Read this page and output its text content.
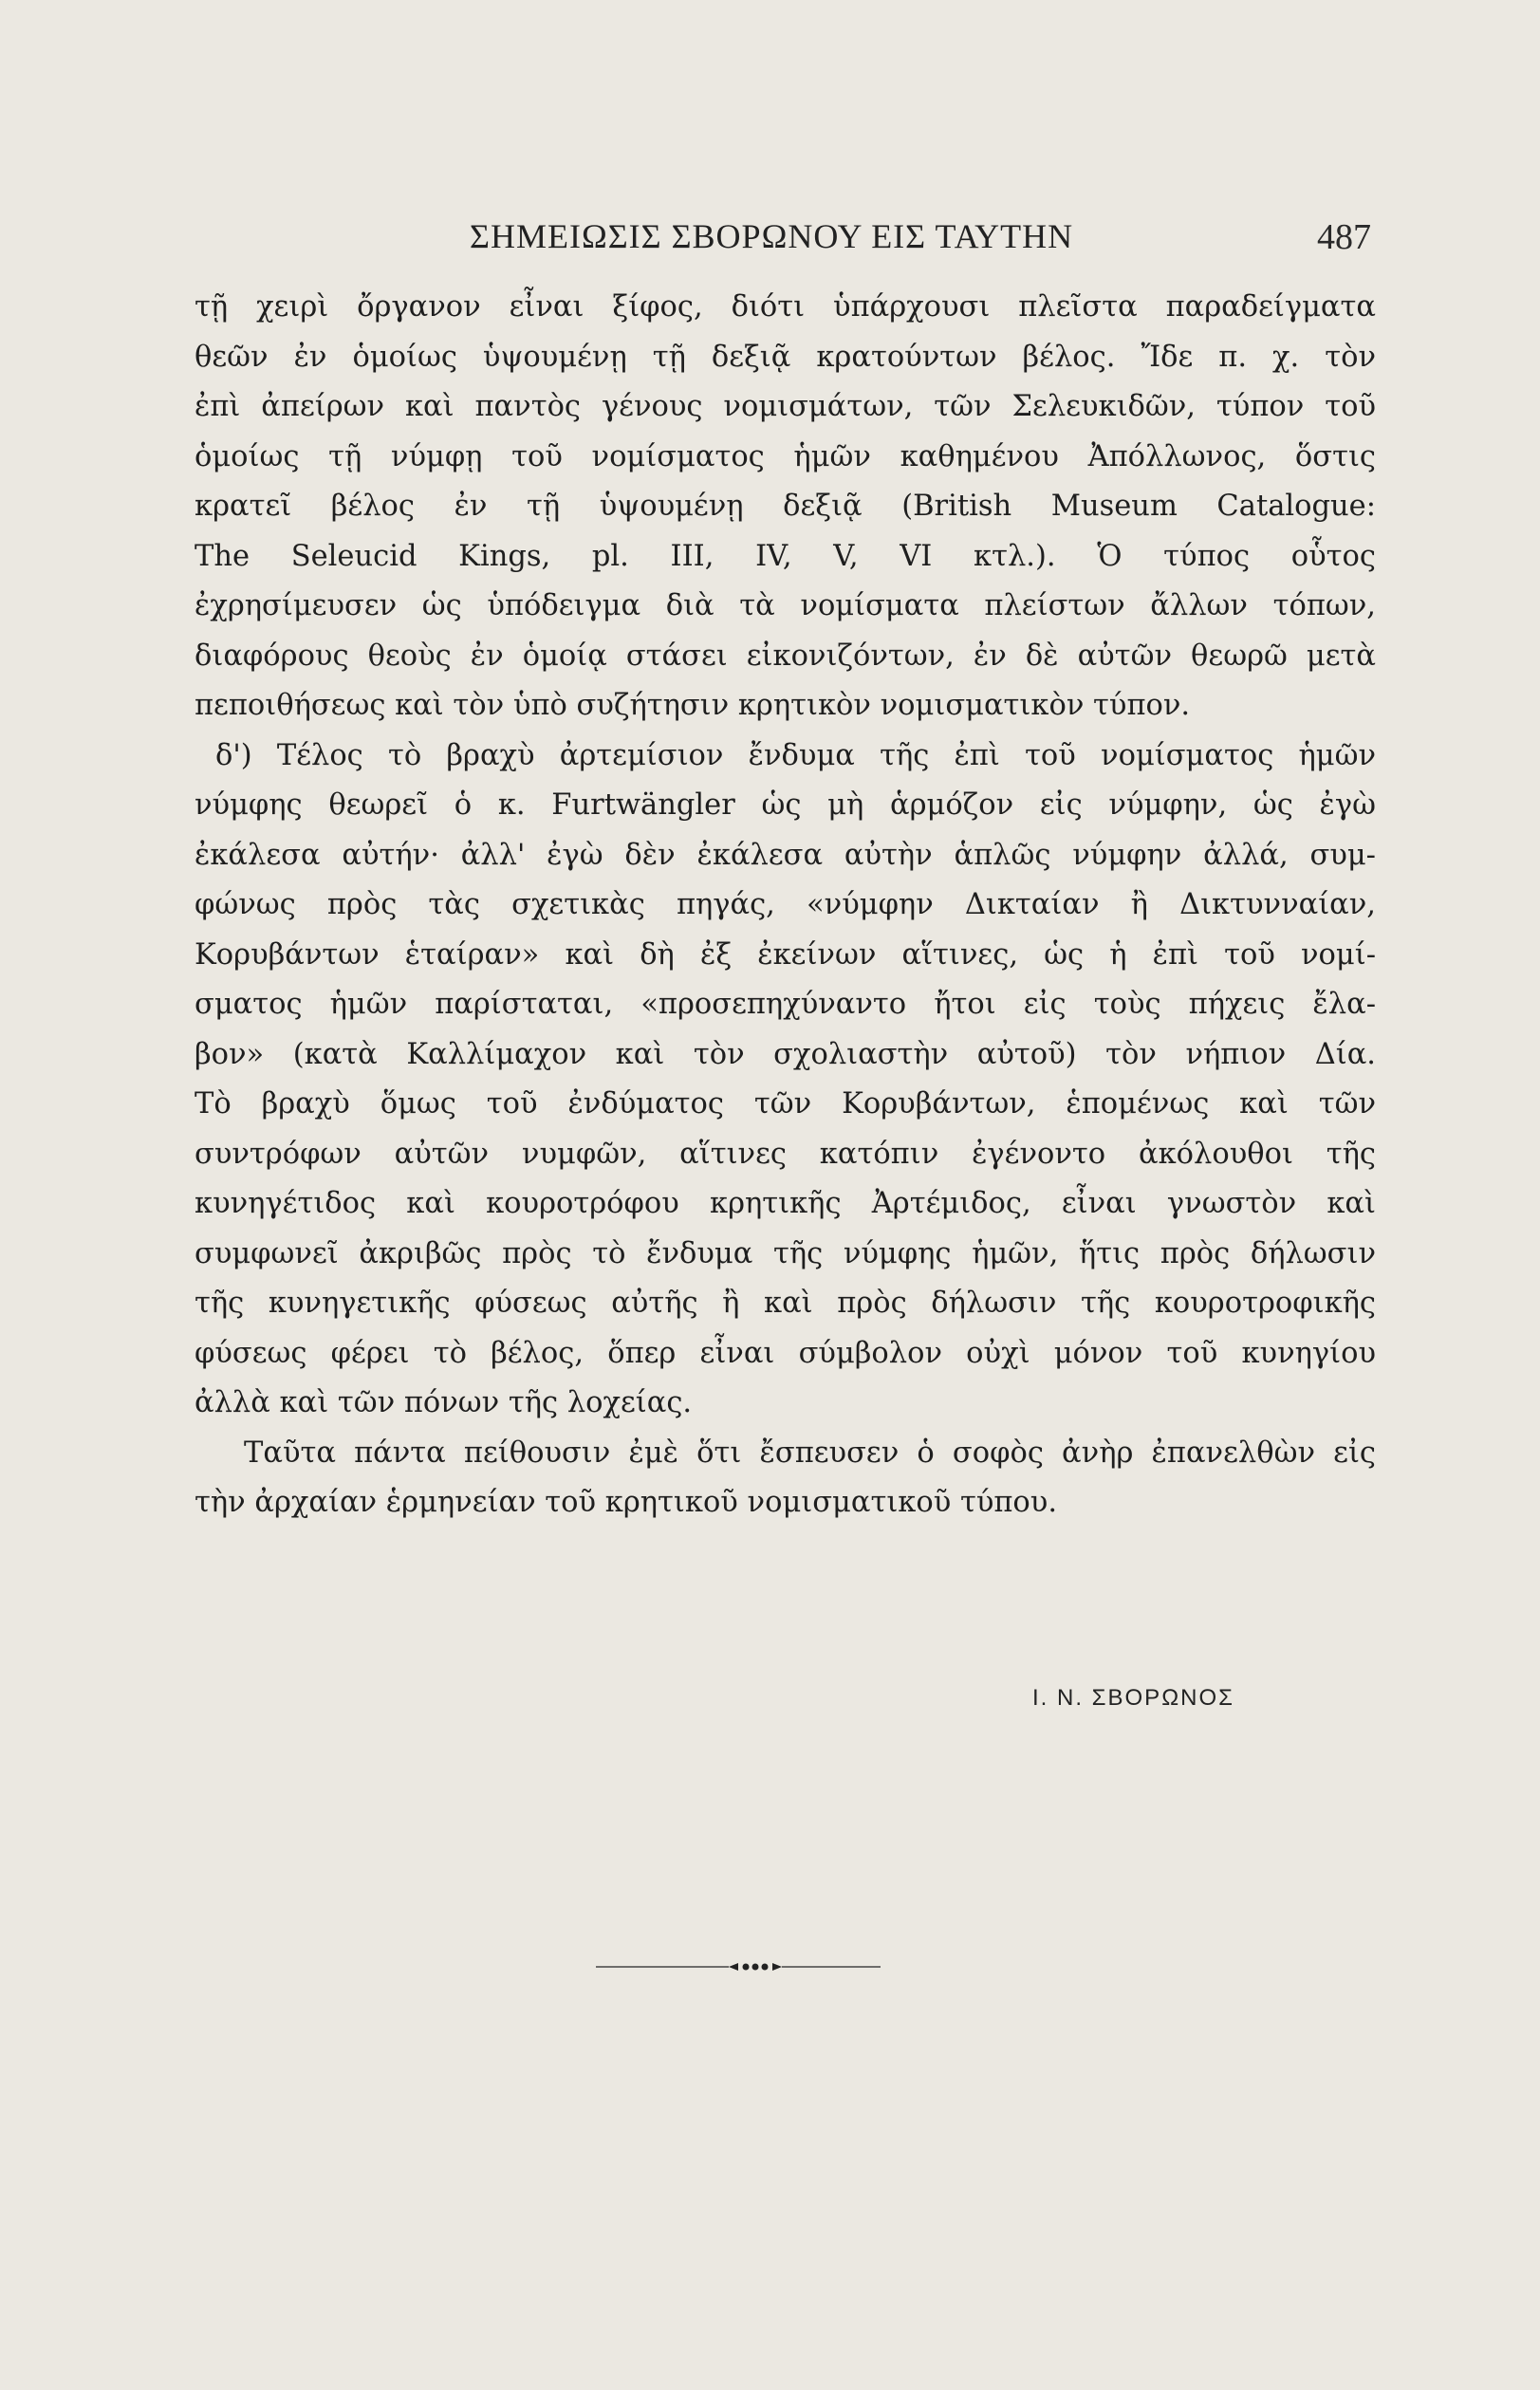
ΣΗΜΕΙΩΣΙΣ ΣΒΟΡΩΝΟΥ ΕΙΣ ΤΑΥΤΗΝ	487
τῇ χειρὶ ὄργανον εἶναι ξίφος, διότι ὑπάρχουσι πλεῖστα παραδείγματα
θεῶν ἐν ὁμοίως ὑψουμένῃ τῇ δεξιᾷ κρατούντων βέλος. Ἴδε π. χ. τὸν
ἐπὶ ἀπείρων καὶ παντὸς γένους νομισμάτων, τῶν Σελευκιδῶν, τύπον τοῦ
ὁμοίως τῇ νύμφῃ τοῦ νομίσματος ἡμῶν καθημένου Ἀπόλλωνος, ὅστις
κρατεῖ βέλος ἐν τῇ ὑψουμένῃ δεξιᾷ (British Museum Catalogue:
The Seleucid Kings, pl. III, IV, V, VI κτλ.). Ὁ τύπος οὗτος
ἐχρησίμευσεν ὡς ὑπόδειγμα διὰ τὰ νομίσματα πλείστων ἄλλων τόπων,
διαφόρους θεοὺς ἐν ὁμοίᾳ στάσει εἰκονιζόντων, ἐν δὲ αὐτῶν θεωρῶ μετὰ
πεποιθήσεως καὶ τὸν ὑπὸ συζήτησιν κρητικὸν νομισματικὸν τύπον.
δ') Τέλος τὸ βραχὺ ἀρτεμίσιον ἔνδυμα τῆς ἐπὶ τοῦ νομίσματος ἡμῶν
νύμφης θεωρεῖ ὁ κ. Furtwängler ὡς μὴ ἁρμόζον εἰς νύμφην, ὡς ἐγὼ
ἐκάλεσα αὐτήν· ἀλλ' ἐγὼ δὲν ἐκάλεσα αὐτὴν ἁπλῶς νύμφην ἀλλά, συμ-
φώνως πρὸς τὰς σχετικὰς πηγάς, «νύμφην Δικταίαν ἢ Δικτυνναίαν,
Κορυβάντων ἑταίραν» καὶ δὴ ἐξ ἐκείνων αἵτινες, ὡς ἡ ἐπὶ τοῦ νομί-
σματος ἡμῶν παρίσταται, «προσεπηχύναντο ἤτοι εἰς τοὺς πήχεις ἔλα-
βον» (κατὰ Καλλίμαχον καὶ τὸν σχολιαστὴν αὐτοῦ) τὸν νήπιον Δία.
Τὸ βραχὺ ὅμως τοῦ ἐνδύματος τῶν Κορυβάντων, ἑπομένως καὶ τῶν
συντρόφων αὐτῶν νυμφῶν, αἵτινες κατόπιν ἐγένοντο ἀκόλουθοι τῆς
κυνηγέτιδος καὶ κουροτρόφου κρητικῆς Ἀρτέμιδος, εἶναι γνωστὸν καὶ
συμφωνεῖ ἀκριβῶς πρὸς τὸ ἔνδυμα τῆς νύμφης ἡμῶν, ἥτις πρὸς δήλωσιν
τῆς κυνηγετικῆς φύσεως αὐτῆς ἢ καὶ πρὸς δήλωσιν τῆς κουροτροφικῆς
φύσεως φέρει τὸ βέλος, ὅπερ εἶναι σύμβολον οὐχὶ μόνον τοῦ κυνηγίου
ἀλλὰ καὶ τῶν πόνων τῆς λοχείας.
Ταῦτα πάντα πείθουσιν ἐμὲ ὅτι ἔσπευσεν ὁ σοφὸς ἀνὴρ ἐπανελθὼν εἰς
τὴν ἀρχαίαν ἑρμηνείαν τοῦ κρητικοῦ νομισματικοῦ τύπου.
Ι. Ν. ΣΒΟΡΩΝΟΣ
